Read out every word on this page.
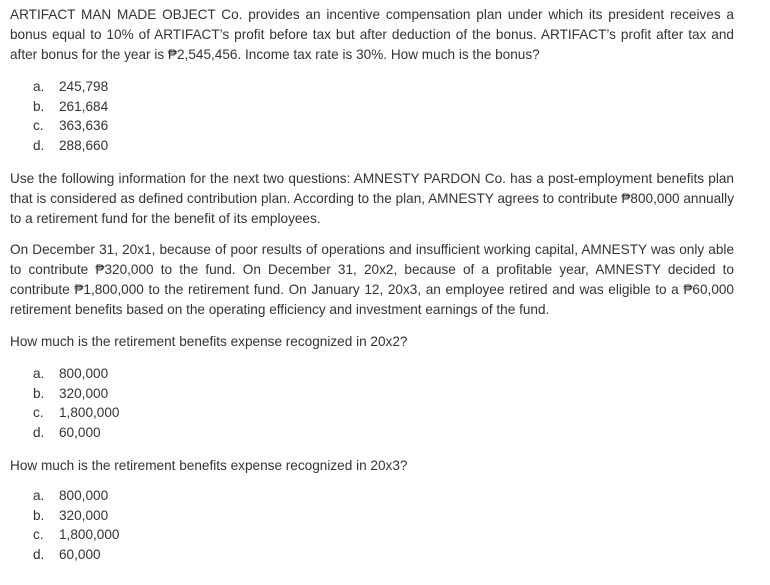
ARTIFACT MAN MADE OBJECT Co. provides an incentive compensation plan under which its president receives a bonus equal to 10% of ARTIFACT’s profit before tax but after deduction of the bonus. ARTIFACT’s profit after tax and after bonus for the year is ₱2,545,456. Income tax rate is 30%. How much is the bonus?

a. 245,798
b. 261,684
c. 363,636
d. 288,660

Use the following information for the next two questions: AMNESTY PARDON Co. has a post-employment benefits plan that is considered as defined contribution plan. According to the plan, AMNESTY agrees to contribute ₱800,000 annually to a retirement fund for the benefit of its employees.

On December 31, 20x1, because of poor results of operations and insufficient working capital, AMNESTY was only able to contribute ₱320,000 to the fund. On December 31, 20x2, because of a profitable year, AMNESTY decided to contribute ₱1,800,000 to the retirement fund. On January 12, 20x3, an employee retired and was eligible to a ₱60,000 retirement benefits based on the operating efficiency and investment earnings of the fund.

How much is the retirement benefits expense recognized in 20x2?

a. 800,000
b. 320,000
c. 1,800,000
d. 60,000

How much is the retirement benefits expense recognized in 20x3?

a. 800,000
b. 320,000
c. 1,800,000
d. 60,000
